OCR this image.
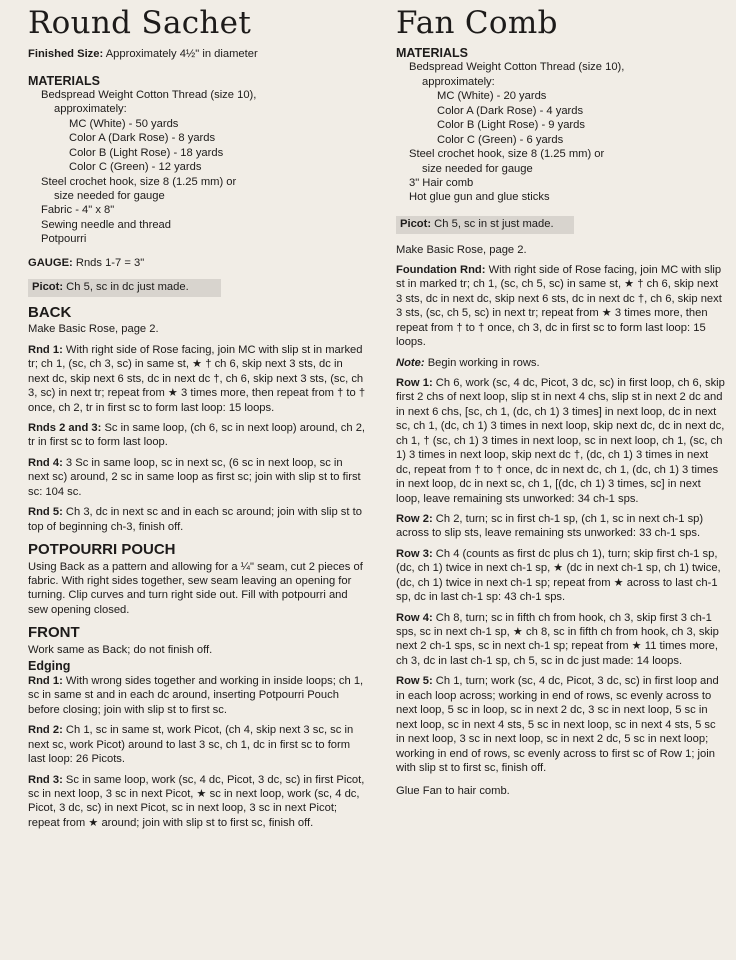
Round Sachet

Finished Size: Approximately 4½" in diameter

MATERIALS
Bedspread Weight Cotton Thread (size 10),
approximately:
MC (White) - 50 yards
Color A (Dark Rose) - 8 yards
Color B (Light Rose) - 18 yards
Color C (Green) - 12 yards
Steel crochet hook, size 8 (1.25 mm) or
size needed for gauge
Fabric - 4" x 8"
Sewing needle and thread
Potpourri

GAUGE: Rnds 1-7 = 3"

Picot: Ch 5, sc in dc just made.
BACK

Make Basic Rose, page 2.

Rnd 1: With right side of Rose facing, join MC with slip st in marked tr; ch 1, (sc, ch 3, sc) in same st, ★ † ch 6, skip next 3 sts, dc in next dc, skip next 6 sts, dc in next dc †, ch 6, skip next 3 sts, (sc, ch 3, sc) in next tr; repeat from ★ 3 times more, then repeat from † to † once, ch 2, tr in first sc to form last loop: 15 loops.

Rnds 2 and 3: Sc in same loop, (ch 6, sc in next loop) around, ch 2, tr in first sc to form last loop.

Rnd 4: 3 Sc in same loop, sc in next sc, (6 sc in next loop, sc in next sc) around, 2 sc in same loop as first sc; join with slip st to first sc: 104 sc.

Rnd 5: Ch 3, dc in next sc and in each sc around; join with slip st to top of beginning ch-3, finish off.

POTPOURRI POUCH

Using Back as a pattern and allowing for a ¼" seam, cut 2 pieces of fabric. With right sides together, sew seam leaving an opening for turning. Clip curves and turn right side out. Fill with potpourri and sew opening closed.

FRONT

Work same as Back; do not finish off.

Edging

Rnd 1: With wrong sides together and working in inside loops; ch 1, sc in same st and in each dc around, inserting Potpourri Pouch before closing; join with slip st to first sc.

Rnd 2: Ch 1, sc in same st, work Picot, (ch 4, skip next 3 sc, sc in next sc, work Picot) around to last 3 sc, ch 1, dc in first sc to form last loop: 26 Picots.

Rnd 3: Sc in same loop, work (sc, 4 dc, Picot, 3 dc, sc) in first Picot, sc in next loop, 3 sc in next Picot, ★ sc in next loop, work (sc, 4 dc, Picot, 3 dc, sc) in next Picot, sc in next loop, 3 sc in next Picot; repeat from ★ around; join with slip st to first sc, finish off.

Fan Comb
MATERIALS
Bedspread Weight Cotton Thread (size 10),
approximately:
MC (White) - 20 yards
Color A (Dark Rose) - 4 yards
Color B (Light Rose) - 9 yards
Color C (Green) - 6 yards
Steel crochet hook, size 8 (1.25 mm) or
size needed for gauge
3" Hair comb
Hot glue gun and glue sticks
Picot: Ch 5, sc in st just made.

Make Basic Rose, page 2.

Foundation Rnd: With right side of Rose facing, join MC with slip st in marked tr; ch 1, (sc, ch 5, sc) in same st, ★ † ch 6, skip next 3 sts, dc in next dc, skip next 6 sts, dc in next dc †, ch 6, skip next 3 sts, (sc, ch 5, sc) in next tr; repeat from ★ 3 times more, then repeat from † to † once, ch 3, dc in first sc to form last loop: 15 loops.

Note: Begin working in rows.

Row 1: Ch 6, work (sc, 4 dc, Picot, 3 dc, sc) in first loop, ch 6, skip first 2 chs of next loop, slip st in next 4 chs, slip st in next 2 dc and in next 6 chs, [sc, ch 1, (dc, ch 1) 3 times] in next loop, dc in next sc, ch 1, (dc, ch 1) 3 times in next loop, skip next dc, dc in next dc, ch 1, † (sc, ch 1) 3 times in next loop, sc in next loop, ch 1, (sc, ch 1) 3 times in next loop, skip next dc †, (dc, ch 1) 3 times in next dc, repeat from † to † once, dc in next dc, ch 1, (dc, ch 1) 3 times in next loop, dc in next sc, ch 1, [(dc, ch 1) 3 times, sc] in next loop, leave remaining sts unworked: 34 ch-1 sps.

Row 2: Ch 2, turn; sc in first ch-1 sp, (ch 1, sc in next ch-1 sp) across to slip sts, leave remaining sts unworked: 33 ch-1 sps.

Row 3: Ch 4 (counts as first dc plus ch 1), turn; skip first ch-1 sp, (dc, ch 1) twice in next ch-1 sp, ★ (dc in next ch-1 sp, ch 1) twice, (dc, ch 1) twice in next ch-1 sp; repeat from ★ across to last ch-1 sp, dc in last ch-1 sp: 43 ch-1 sps.

Row 4: Ch 8, turn; sc in fifth ch from hook, ch 3, skip first 3 ch-1 sps, sc in next ch-1 sp, ★ ch 8, sc in fifth ch from hook, ch 3, skip next 2 ch-1 sps, sc in next ch-1 sp; repeat from ★ 11 times more, ch 3, dc in last ch-1 sp, ch 5, sc in dc just made: 14 loops.

Row 5: Ch 1, turn; work (sc, 4 dc, Picot, 3 dc, sc) in first loop and in each loop across; working in end of rows, sc evenly across to next loop, 5 sc in loop, sc in next 2 dc, 3 sc in next loop, 5 sc in next loop, sc in next 4 sts, 5 sc in next loop, sc in next 4 sts, 5 sc in next loop, 3 sc in next loop, sc in next 2 dc, 5 sc in next loop; working in end of rows, sc evenly across to first sc of Row 1; join with slip st to first sc, finish off.

Glue Fan to hair comb.
